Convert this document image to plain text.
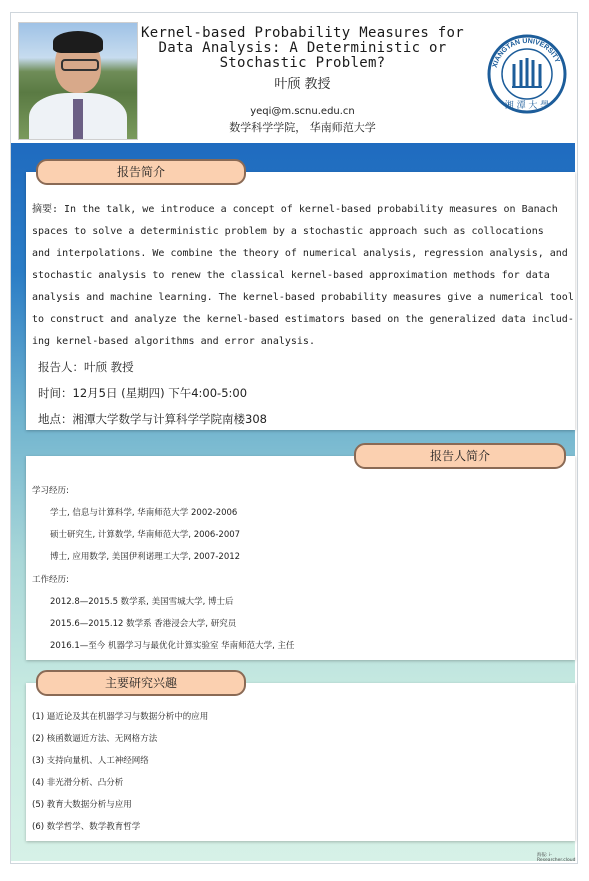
Kernel-based Probability Measures for
Data Analysis: A Deterministic or
Stochastic Problem?
叶颀 教授
yeqi@m.scnu.edu.cn
数学科学学院， 华南师范大学
XIANGTAN UNIVERSITY
湘 潭 大 學
报告简介
摘要: In the talk, we introduce a concept of kernel-based probability measures on Banach
spaces to solve a deterministic problem by a stochastic approach such as collocations
and interpolations. We combine the theory of numerical analysis, regression analysis, and
stochastic analysis to renew the classical kernel-based approximation methods for data
analysis and machine learning. The kernel-based probability measures give a numerical tool
to construct and analyze the kernel-based estimators based on the generalized data includ-
ing kernel-based algorithms and error analysis.
报告人：叶颀 教授
时间：12月5日 (星期四) 下午4:00-5:00
地点：湘潭大学数学与计算科学学院南楼308
报告人简介
学习经历:
学士, 信息与计算科学, 华南师范大学 2002-2006
硕士研究生, 计算数学, 华南师范大学, 2006-2007
博士, 应用数学, 美国伊利诺理工大学, 2007-2012
工作经历:
2012.8—2015.5 数学系, 美国雪城大学, 博士后
2015.6—2015.12 数学系 香港浸会大学, 研究员
2016.1—至今 机器学习与最优化计算实验室 华南师范大学, 主任
主要研究兴趣
(1) 逼近论及其在机器学习与数据分析中的应用
(2) 核函数逼近方法、无网格方法
(3) 支持向量机、人工神经网络
(4) 非光滑分析、凸分析
(5) 教育大数据分析与应用
(6) 数学哲学、数学教育哲学
海报: i-Researcher.cloud
